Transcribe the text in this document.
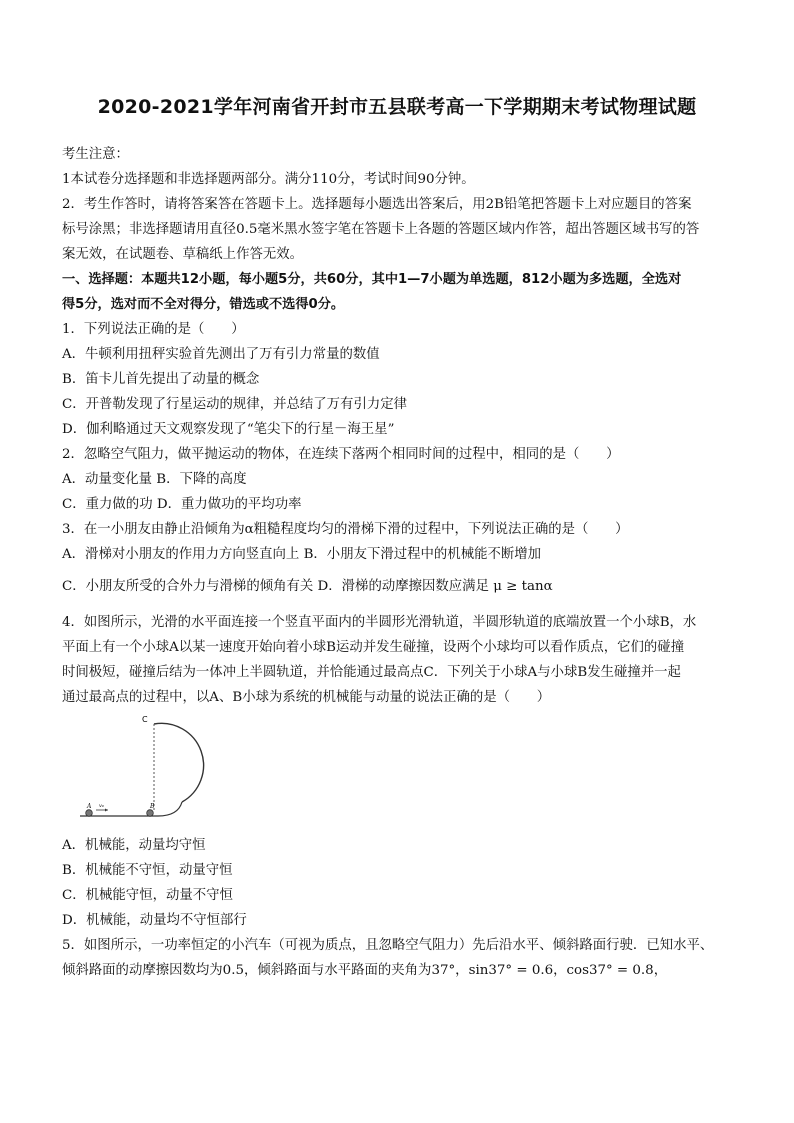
2020-2021学年河南省开封市五县联考高一下学期期末考试物理试题
考生注意：
1本试卷分选择题和非选择题两部分。满分110分，考试时间90分钟。
2．考生作答时，请将答案答在答题卡上。选择题每小题选出答案后，用2B铅笔把答题卡上对应题目的答案
标号涂黑；非选择题请用直径0.5毫米黑水签字笔在答题卡上各题的答题区域内作答，超出答题区域书写的答
案无效，在试题卷、草稿纸上作答无效。
一、选择题：本题共12小题，每小题5分，共60分，其中1—7小题为单选题，812小题为多选题，全选对
得5分，选对而不全对得分，错选或不选得0分。
1．下列说法正确的是（　　）
A．牛顿利用扭秤实验首先测出了万有引力常量的数值
B．笛卡儿首先提出了动量的概念
C．开普勒发现了行星运动的规律，并总结了万有引力定律
D．伽利略通过天文观察发现了“笔尖下的行星－海王星”
2．忽略空气阻力，做平抛运动的物体，在连续下落两个相同时间的过程中，相同的是（　　）
A．动量变化量 B．下降的高度
C．重力做的功 D．重力做功的平均功率
3．在一小朋友由静止沿倾角为α粗糙程度均匀的滑梯下滑的过程中，下列说法正确的是（　　）
A．滑梯对小朋友的作用力方向竖直向上 B．小朋友下滑过程中的机械能不断增加
C．小朋友所受的合外力与滑梯的倾角有关 D．滑梯的动摩擦因数应满足 μ ≥ tanα
4．如图所示，光滑的水平面连接一个竖直平面内的半圆形光滑轨道，半圆形轨道的底端放置一个小球B，水
平面上有一个小球A以某一速度开始向着小球B运动并发生碰撞，设两个小球均可以看作质点，它们的碰撞
时间极短，碰撞后结为一体冲上半圆轨道，并恰能通过最高点C．下列关于小球A与小球B发生碰撞并一起
通过最高点的过程中，以A、B小球为系统的机械能与动量的说法正确的是（　　）
C
A v₀	B
A．机械能，动量均守恒
B．机械能不守恒，动量守恒
C．机械能守恒，动量不守恒
D．机械能，动量均不守恒部行
5．如图所示，一功率恒定的小汽车（可视为质点，且忽略空气阻力）先后沿水平、倾斜路面行驶．已知水平、
倾斜路面的动摩擦因数均为0.5，倾斜路面与水平路面的夹角为37°，sin37° = 0.6，cos37° = 0.8，
